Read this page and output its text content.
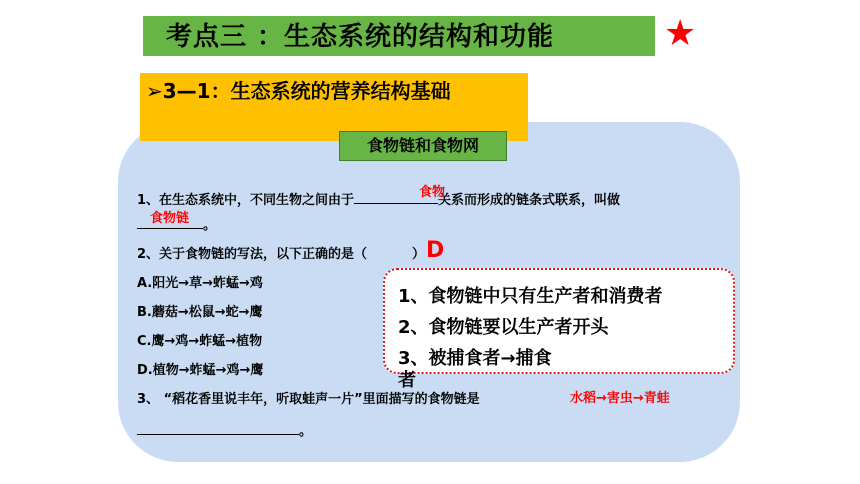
考点三 ：生态系统的结构和功能	★
➢3—1：生态系统的营养结构基础
食物链和食物网
1、在生态系统中，不同生物之间由于	关系而形成的链条式联系，叫做
。
食物
食物链
2、关于食物链的写法，以下正确的是（	） D
A.阳光→草→蚱蜢→鸡
B.蘑菇→松鼠→蛇→鹰
C.鹰→鸡→蚱蜢→植物
D.植物→蚱蜢→鸡→鹰
1、食物链中只有生产者和消费者
2、食物链要以生产者开头
3、被捕食者→捕食
者
3、 “稻花香里说丰年，听取蛙声一片”里面描写的食物链是	水稻→害虫→青蛙
。
